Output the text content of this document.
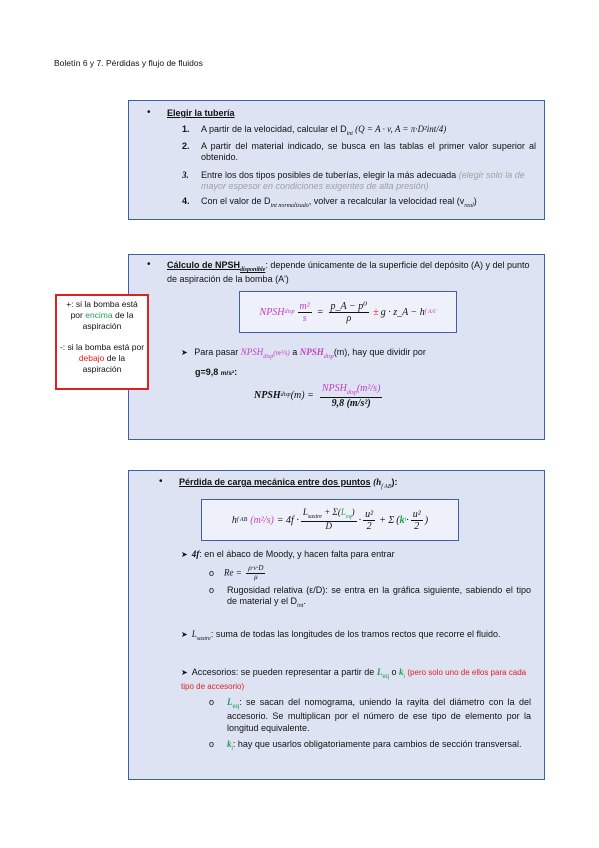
Boletín 6 y 7. Pérdidas y flujo de fluidos
• Elegir la tubería
1. A partir de la velocidad, calcular el $D_{int}$ (Q = A · v, A = π·D²int/4)
2. A partir del material indicado, se busca en las tablas el primer valor superior al obtenido.
3. Entre los dos tipos posibles de tuberías, elegir la más adecuada (elegir solo la de mayor espesor en condiciones exigentes de alta presión)
4. Con el valor de $D_{int normalizado}$, volver a recalcular la velocidad real $(v_{real})$
• Cálculo de $NPSH_{disponible}$: depende únicamente de la superficie del depósito (A) y del punto de aspiración de la bomba (A')
NPSH disp $\frac{\text{m²}}{s} = \frac{\text{p\_A − p⁰}}{\rho} \pm g$ · z_A − h f AA'
➤ Para pasar $NPSH_{disp}(m^2/s)$ a $NPSH_{disp}(m)$, hay que dividir por
g=9,8 m/s²:
NPSH disp $(m) = \frac{NPSH_{disp}(m^2/s)}{\text{9,8 (m/s²)}}$
+: si la bomba está por encima de la aspiración
-: si la bomba está por debajo de la aspiración
• Pérdida de carga mecánica entre dos puntos $(h_{f AB})$:
h f AB $(m^2/s) = 4f \cdot \frac{L_{sastre} + \Sigma(L_{eq})}{D} \cdot \frac{\text{u²}}{2} + \Sigma$ ( k $i \cdot \frac{\text{u²}}{2}$ )
➤ 4f: en el ábaco de Moody, y hacen falta para entrar
o $Re = \frac{\rho\cdot v\cdot D}{\mu}$
o	Rugosidad relativa (ε/D): se entra en la gráfica siguiente, sabiendo el tipo de material y el $D_{int}$.
➤ $L_{sastre}$: suma de todas las longitudes de los tramos rectos que recorre el fluido.
➤ Accesorios: se pueden representar a partir de $L_{eq}$ o $k_i$ (pero solo uno de ellos para cada tipo de accesorio)
o $L_{eq}$: se sacan del nomograma, uniendo la rayita del diámetro con la del accesorio. Se multiplican por el número de ese tipo de elemento por la longitud equivalente.
o $k_i$: hay que usarlos obligatoriamente para cambios de sección transversal.
